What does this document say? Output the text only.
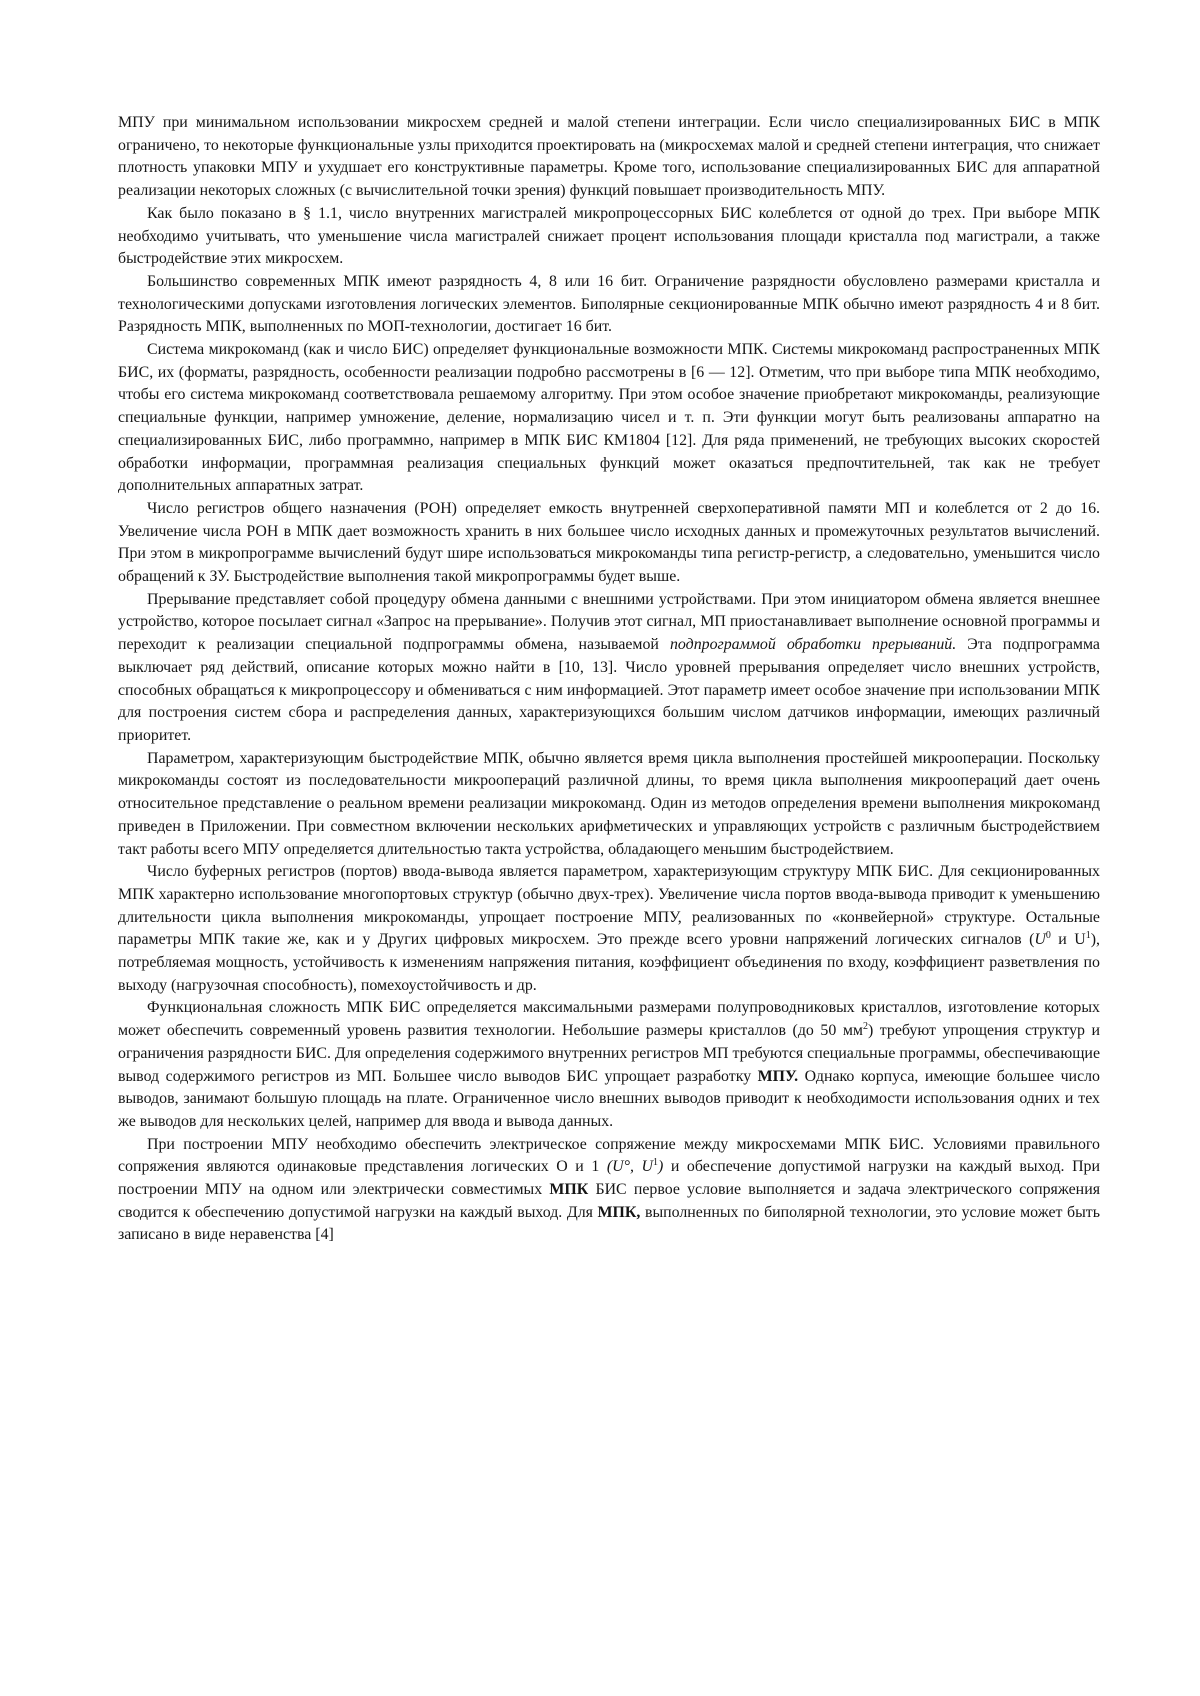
МПУ при минимальном использовании микросхем средней и малой степени интеграции. Если число специализированных БИС в МПК ограничено, то некоторые функциональные узлы приходится проектировать на (микросхемах малой и средней степени интеграция, что снижает плотность упаковки МПУ и ухудшает его конструктивные параметры. Кроме того, использование специализированных БИС для аппаратной реализации некоторых сложных (с вычислительной точки зрения) функций повышает производительность МПУ.

Как было показано в § 1.1, число внутренних магистралей микропроцессорных БИС колеблется от одной до трех. При выборе МПК необходимо учитывать, что уменьшение числа магистралей снижает процент использования площади кристалла под магистрали, а также быстродействие этих микросхем.

Большинство современных МПК имеют разрядность 4, 8 или 16 бит. Ограничение разрядности обусловлено размерами кристалла и технологическими допусками изготовления логических элементов. Биполярные секционированные МПК обычно имеют разрядность 4 и 8 бит. Разрядность МПК, выполненных по МОП-технологии, достигает 16 бит.

Система микрокоманд (как и число БИС) определяет функциональные возможности МПК. Системы микрокоманд распространенных МПК БИС, их (форматы, разрядность, особенности реализации подробно рассмотрены в [6 — 12]. Отметим, что при выборе типа МПК необходимо, чтобы его система микрокоманд соответствовала решаемому алгоритму. При этом особое значение приобретают микрокоманды, реализующие специальные функции, например умножение, деление, нормализацию чисел и т. п. Эти функции могут быть реализованы аппаратно на специализированных БИС, либо программно, например в МПК БИС КМ1804 [12]. Для ряда применений, не требующих высоких скоростей обработки информации, программная реализация специальных функций может оказаться предпочтительней, так как не требует дополнительных аппаратных затрат.

Число регистров общего назначения (РОН) определяет емкость внутренней сверхоперативной памяти МП и колеблется от 2 до 16. Увеличение числа РОН в МПК дает возможность хранить в них большее число исходных данных и промежуточных результатов вычислений. При этом в микропрограмме вычислений будут шире использоваться микрокоманды типа регистр-регистр, а следовательно, уменьшится число обращений к ЗУ. Быстродействие выполнения такой микропрограммы будет выше.

Прерывание представляет собой процедуру обмена данными с внешними устройствами. При этом инициатором обмена является внешнее устройство, которое посылает сигнал «Запрос на прерывание». Получив этот сигнал, МП приостанавливает выполнение основной программы и переходит к реализации специальной подпрограммы обмена, называемой подпрограммой обработки прерываний. Эта подпрограмма выключает ряд действий, описание которых можно найти в [10, 13]. Число уровней прерывания определяет число внешних устройств, способных обращаться к микропроцессору и обмениваться с ним информацией. Этот параметр имеет особое значение при использовании МПК для построения систем сбора и распределения данных, характеризующихся большим числом датчиков информации, имеющих различный приоритет.

Параметром, характеризующим быстродействие МПК, обычно является время цикла выполнения простейшей микрооперации. Поскольку микрокоманды состоят из последовательности микроопераций различной длины, то время цикла выполнения микроопераций дает очень относительное представление о реальном времени реализации микрокоманд. Один из методов определения времени выполнения микрокоманд приведен в Приложении. При совместном включении нескольких арифметических и управляющих устройств с различным быстродействием такт работы всего МПУ определяется длительностью такта устройства, обладающего меньшим быстродействием.

Число буферных регистров (портов) ввода-вывода является параметром, характеризующим структуру МПК БИС. Для секционированных МПК характерно использование многопортовых структур (обычно двух-трех). Увеличение числа портов ввода-вывода приводит к уменьшению длительности цикла выполнения микрокоманды, упрощает построение МПУ, реализованных по «конвейерной» структуре. Остальные параметры МПК такие же, как и у Других цифровых микросхем. Это прежде всего уровни напряжений логических сигналов ($U^0$ и $U^1$), потребляемая мощность, устойчивость к изменениям напряжения питания, коэффициент объединения по входу, коэффициент разветвления по выходу (нагрузочная способность), помехоустойчивость и др.

Функциональная сложность МПК БИС определяется максимальными размерами полупроводниковых кристаллов, изготовление которых может обеспечить современный уровень развития технологии. Небольшие размеры кристаллов (до 50 $мм^2$) требуют упрощения структур и ограничения разрядности БИС. Для определения содержимого внутренних регистров МП требуются специальные программы, обеспечивающие вывод содержимого регистров из МП. Большее число выводов БИС упрощает разработку МПУ. Однако корпуса, имеющие большее число выводов, занимают большую площадь на плате. Ограниченное число внешних выводов приводит к необходимости использования одних и тех же выводов для нескольких целей, например для ввода и вывода данных.

При построении МПУ необходимо обеспечить электрическое сопряжение между микросхемами МПК БИС. Условиями правильного сопряжения являются одинаковые представления логических О и 1 (U°, $U^1$) и обеспечение допустимой нагрузки на каждый выход. При построении МПУ на одном или электрически совместимых МПК БИС первое условие выполняется и задача электрического сопряжения сводится к обеспечению допустимой нагрузки на каждый выход. Для МПК, выполненных по биполярной технологии, это условие может быть записано в виде неравенства [4]
